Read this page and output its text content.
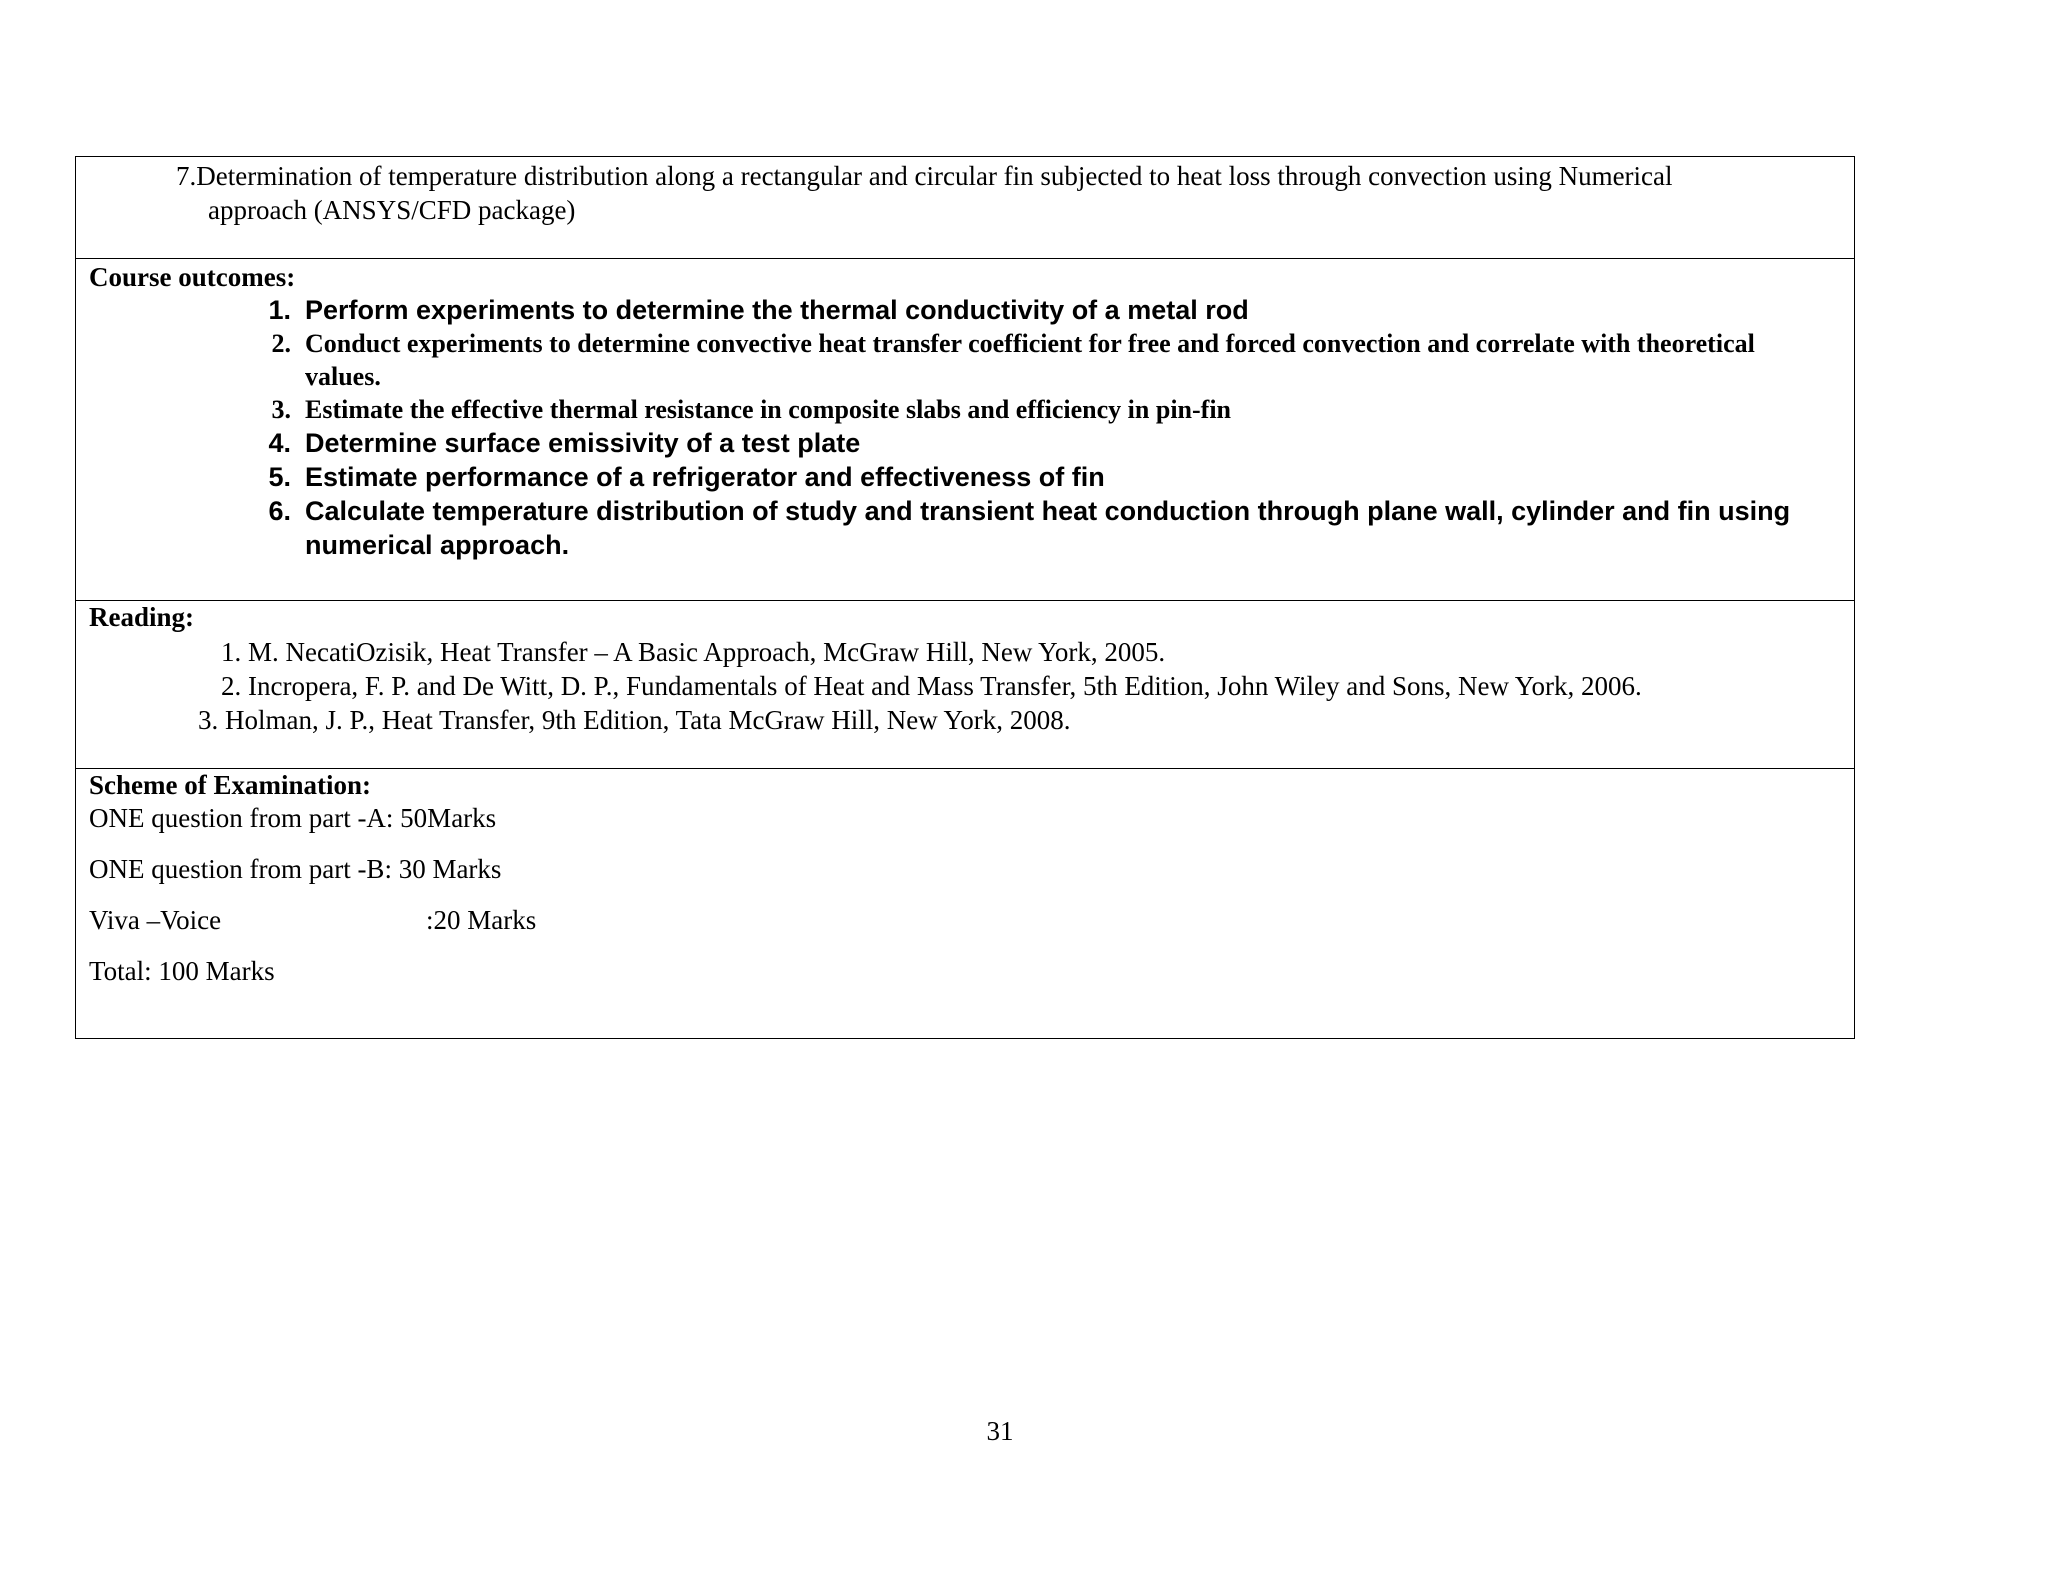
7.Determination of temperature distribution along a rectangular and circular fin subjected to heat loss through convection using Numerical
approach (ANSYS/CFD package)
Course outcomes:
1. Perform experiments to determine the thermal conductivity of a metal rod
2. Conduct experiments to determine convective heat transfer coefficient for free and forced convection and correlate with theoretical values.
3. Estimate the effective thermal resistance in composite slabs and efficiency in pin-fin
4. Determine surface emissivity of a test plate
5. Estimate performance of a refrigerator and effectiveness of fin
6. Calculate temperature distribution of study and transient heat conduction through plane wall, cylinder and fin using numerical approach.
Reading:
1. M. NecatiOzisik, Heat Transfer – A Basic Approach, McGraw Hill, New York, 2005.
2. Incropera, F. P. and De Witt, D. P., Fundamentals of Heat and Mass Transfer, 5th Edition, John Wiley and Sons, New York, 2006.
3. Holman, J. P., Heat Transfer, 9th Edition, Tata McGraw Hill, New York, 2008.
Scheme of Examination:
ONE question from part -A: 50Marks
ONE question from part -B: 30 Marks
Viva –Voice	:20 Marks
Total: 100 Marks
31
